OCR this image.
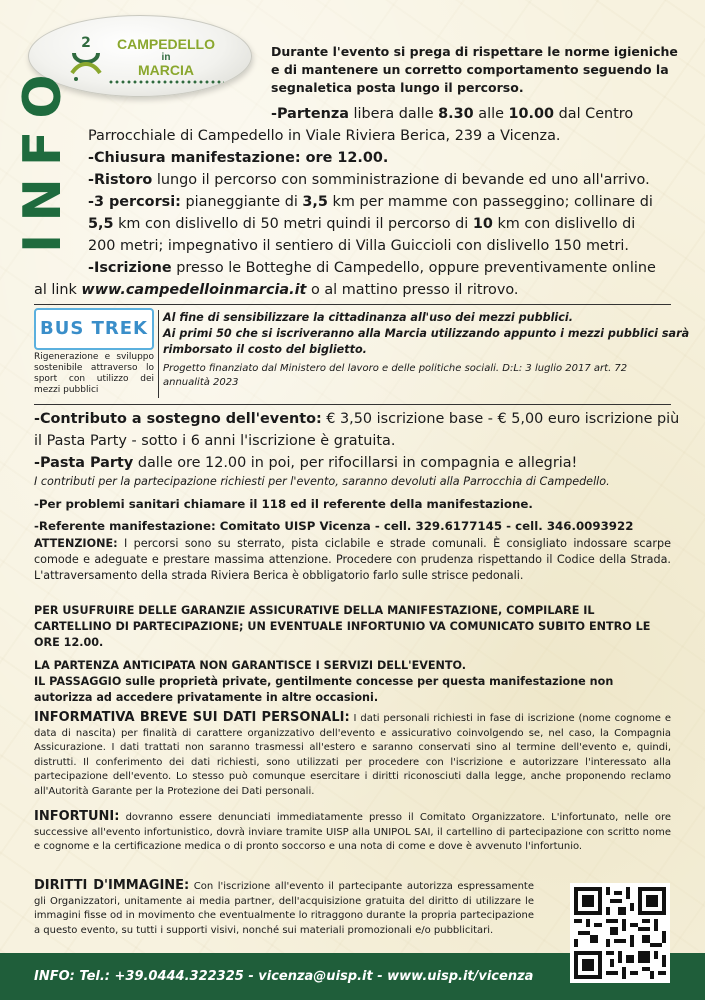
2	CAMPEDELLO
in
MARCIA
INFO
Durante l'evento si prega di rispettare le norme igieniche
e di mantenere un corretto comportamento seguendo la
segnaletica posta lungo il percorso.
-Partenza libera dalle 8.30 alle 10.00 dal Centro
Parrocchiale di Campedello in Viale Riviera Berica, 239 a Vicenza.
-Chiusura manifestazione: ore 12.00.
-Ristoro lungo il percorso con somministrazione di bevande ed uno all'arrivo.
-3 percorsi: pianeggiante di 3,5 km per mamme con passeggino; collinare di
5,5 km con dislivello di 50 metri quindi il percorso di 10 km con dislivello di
200 metri; impegnativo il sentiero di Villa Guiccioli con dislivello 150 metri.
-Iscrizione presso le Botteghe di Campedello, oppure preventivamente online
al link www.campedelloinmarcia.it o al mattino presso il ritrovo.
BUS TREK
Rigenerazione e sviluppo sostenibile attraverso lo sport con utilizzo dei mezzi pubblici
Al fine di sensibilizzare la cittadinanza all'uso dei mezzi pubblici.
Ai primi 50 che si iscriveranno alla Marcia utilizzando appunto i mezzi pubblici sarà
rimborsato il costo del biglietto.
Progetto finanziato dal Ministero del lavoro e delle politiche sociali. D:L: 3 luglio 2017 art. 72 annualità 2023
-Contributo a sostegno dell'evento: € 3,50 iscrizione base - € 5,00 euro iscrizione più
il Pasta Party - sotto i 6 anni l'iscrizione è gratuita.
-Pasta Party dalle ore 12.00 in poi, per rifocillarsi in compagnia e allegria!
I contributi per la partecipazione richiesti per l'evento, saranno devoluti alla Parrocchia di Campedello.
-Per problemi sanitari chiamare il 118 ed il referente della manifestazione.
-Referente manifestazione: Comitato UISP Vicenza - cell. 329.6177145 - cell. 346.0093922
ATTENZIONE: I percorsi sono su sterrato, pista ciclabile e strade comunali. È consigliato indossare scarpe comode e adeguate e prestare massima attenzione. Procedere con prudenza rispettando il Codice della Strada. L'attraversamento della strada Riviera Berica è obbligatorio farlo sulle strisce pedonali.
PER USUFRUIRE DELLE GARANZIE ASSICURATIVE DELLA MANIFESTAZIONE, COMPILARE IL CARTELLINO DI PARTECIPAZIONE; UN EVENTUALE INFORTUNIO VA COMUNICATO SUBITO ENTRO LE ORE 12.00.
LA PARTENZA ANTICIPATA NON GARANTISCE I SERVIZI DELL'EVENTO.
IL PASSAGGIO sulle proprietà private, gentilmente concesse per questa manifestazione non autorizza ad accedere privatamente in altre occasioni.
INFORMATIVA BREVE SUI DATI PERSONALI: I dati personali richiesti in fase di iscrizione (nome cognome e data di nascita) per finalità di carattere organizzativo dell'evento e assicurativo coinvolgendo se, nel caso, la Compagnia Assicurazione. I dati trattati non saranno trasmessi all'estero e saranno conservati sino al termine dell'evento e, quindi, distrutti. Il conferimento dei dati richiesti, sono utilizzati per procedere con l'iscrizione e autorizzare l'interessato alla partecipazione dell'evento. Lo stesso può comunque esercitare i diritti riconosciuti dalla legge, anche proponendo reclamo all'Autorità Garante per la Protezione dei Dati personali.
INFORTUNI: dovranno essere denunciati immediatamente presso il Comitato Organizzatore. L'infortunato, nelle ore successive all'evento infortunistico, dovrà inviare tramite UISP alla UNIPOL SAI, il cartellino di partecipazione con scritto nome e cognome e la certificazione medica o di pronto soccorso e una nota di come e dove è avvenuto l'infortunio.
DIRITTI D'IMMAGINE: Con l'iscrizione all'evento il partecipante autorizza espressamente gli Organizzatori, unitamente ai media partner, dell'acquisizione gratuita del diritto di utilizzare le immagini fisse od in movimento che eventualmente lo ritraggono durante la propria partecipazione a questo evento, su tutti i supporti visivi, nonché sui materiali promozionali e/o pubblicitari.
INFO: Tel.: +39.0444.322325 - vicenza@uisp.it - www.uisp.it/vicenza
